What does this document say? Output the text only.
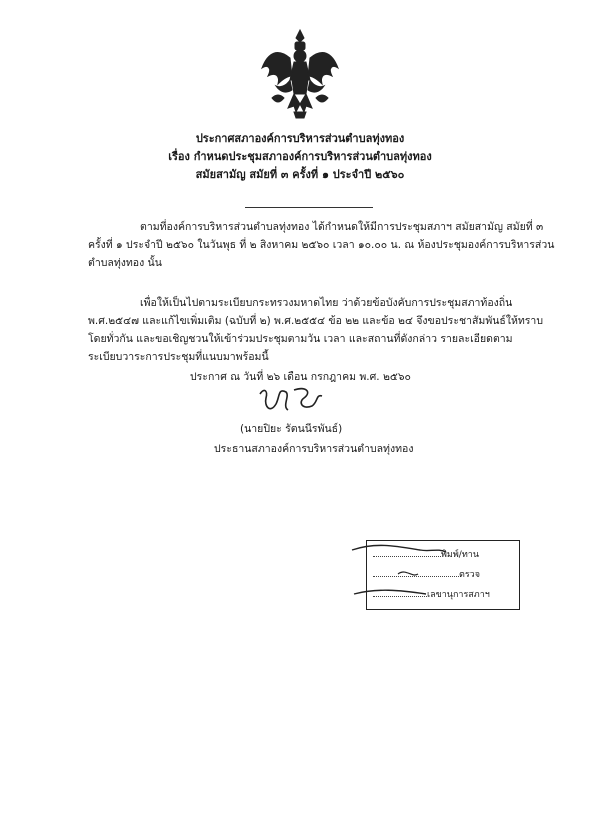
ประกาศสภาองค์การบริหารส่วนตำบลทุ่งทอง
เรื่อง กำหนดประชุมสภาองค์การบริหารส่วนตำบลทุ่งทอง
สมัยสามัญ สมัยที่ ๓ ครั้งที่ ๑ ประจำปี ๒๕๖๐
ตามที่องค์การบริหารส่วนตำบลทุ่งทอง ได้กำหนดให้มีการประชุมสภาฯ สมัยสามัญ สมัยที่ ๓ ครั้งที่ ๑ ประจำปี ๒๕๖๐ ในวันพุธ ที่ ๒ สิงหาคม ๒๕๖๐ เวลา ๑๐.๐๐ น. ณ ห้องประชุมองค์การบริหารส่วนตำบลทุ่งทอง นั้น
เพื่อให้เป็นไปตามระเบียบกระทรวงมหาดไทย ว่าด้วยข้อบังคับการประชุมสภาท้องถิ่น พ.ศ.๒๕๔๗ และแก้ไขเพิ่มเติม (ฉบับที่ ๒) พ.ศ.๒๕๕๔ ข้อ ๒๒ และข้อ ๒๔ จึงขอประชาสัมพันธ์ให้ทราบโดยทั่วกัน และขอเชิญชวนให้เข้าร่วมประชุมตามวัน เวลา และสถานที่ดังกล่าว รายละเอียดตามระเบียบวาระการประชุมที่แนบมาพร้อมนี้
ประกาศ ณ วันที่ ๒๖ เดือน กรกฎาคม พ.ศ. ๒๕๖๐
(นายปิยะ รัตนนีรพันธ์)
ประธานสภาองค์การบริหารส่วนตำบลทุ่งทอง
พิมพ์/ทาน
ตรวจ
เลขานุการสภาฯ
